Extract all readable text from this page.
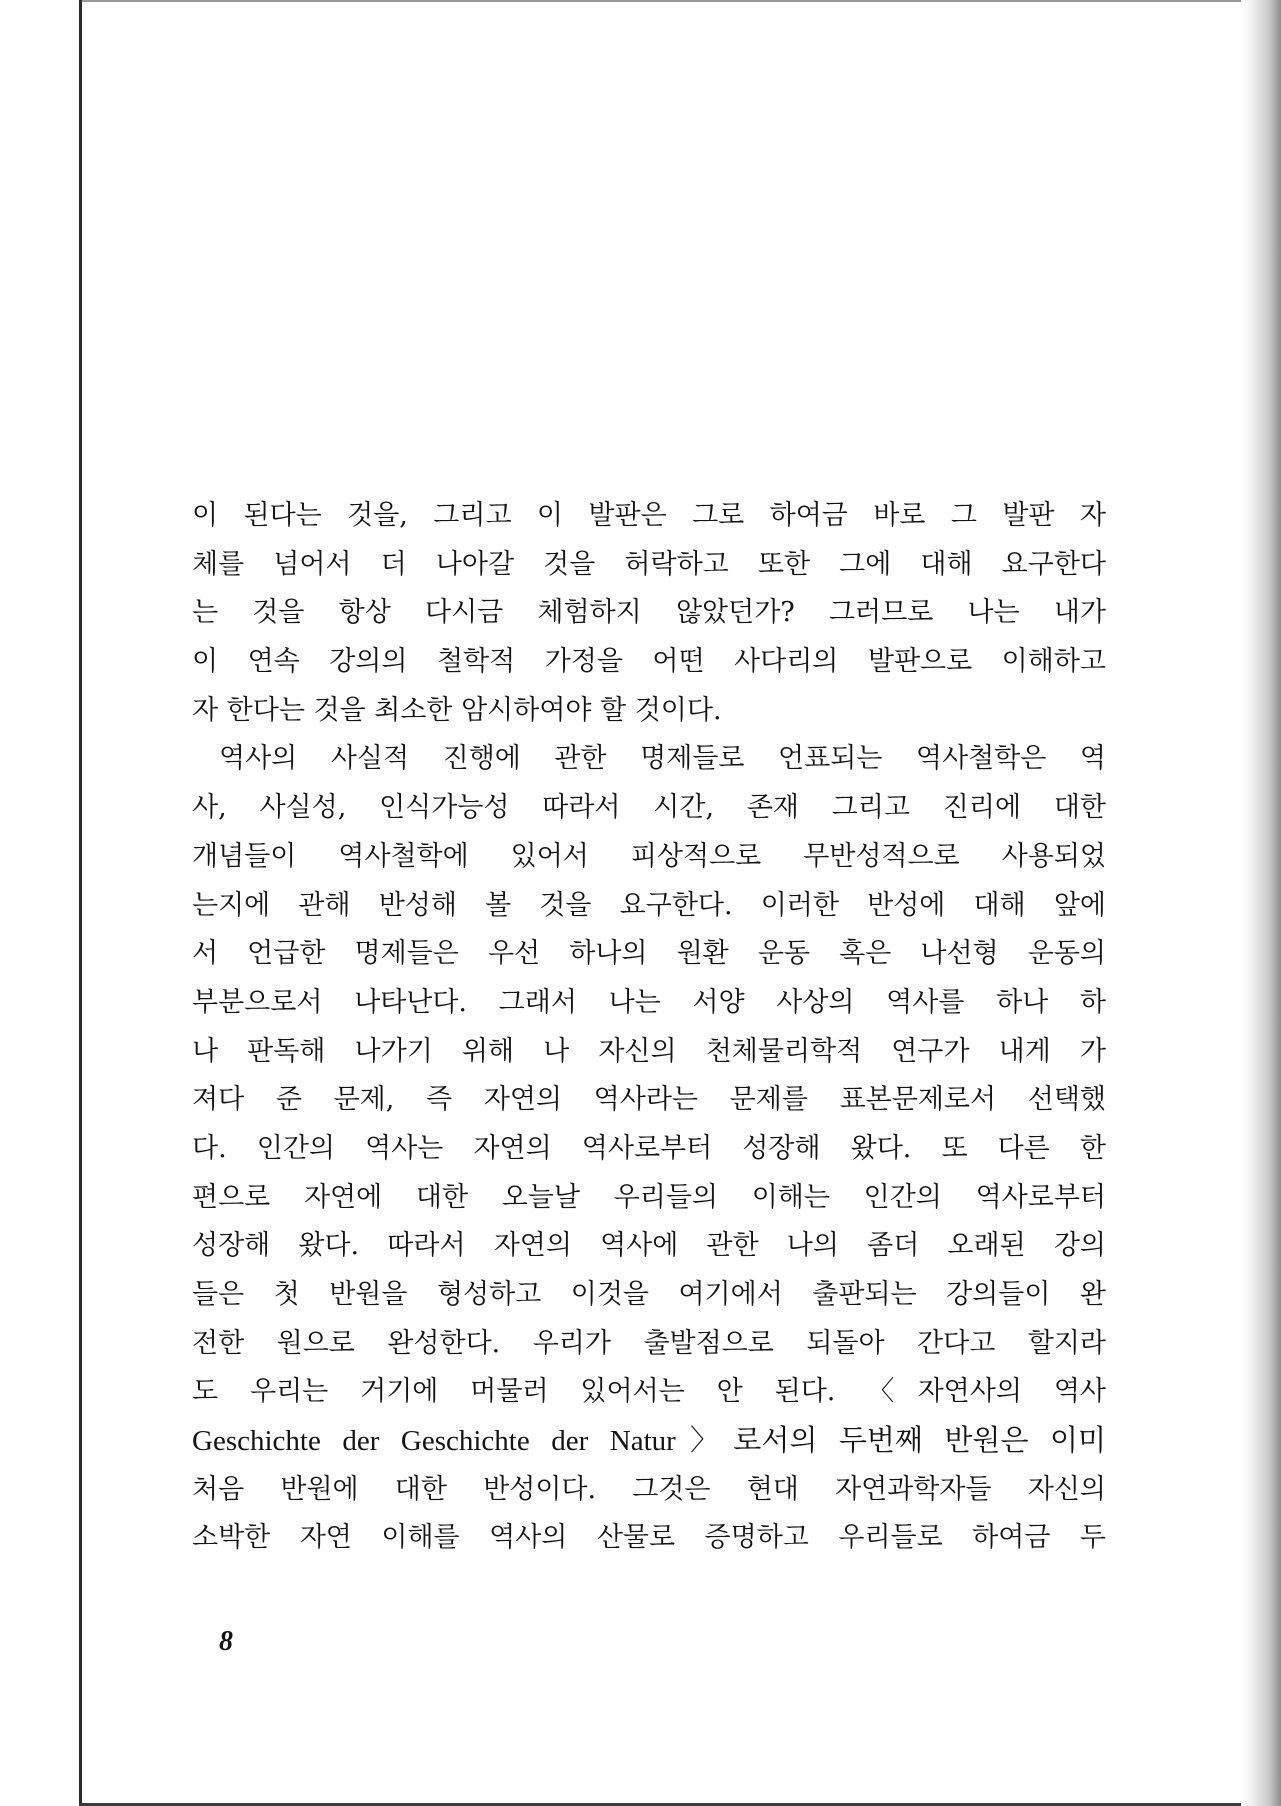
이 된다는 것을, 그리고 이 발판은 그로 하여금 바로 그 발판 자
체를 넘어서 더 나아갈 것을 허락하고 또한 그에 대해 요구한다
는 것을 항상 다시금 체험하지 않았던가? 그러므로 나는 내가
이 연속 강의의 철학적 가정을 어떤 사다리의 발판으로 이해하고
자 한다는 것을 최소한 암시하여야 할 것이다.
역사의 사실적 진행에 관한 명제들로 언표되는 역사철학은 역
사, 사실성, 인식가능성 따라서 시간, 존재 그리고 진리에 대한
개념들이 역사철학에 있어서 피상적으로 무반성적으로 사용되었
는지에 관해 반성해 볼 것을 요구한다. 이러한 반성에 대해 앞에
서 언급한 명제들은 우선 하나의 원환 운동 혹은 나선형 운동의
부분으로서 나타난다. 그래서 나는 서양 사상의 역사를 하나 하
나 판독해 나가기 위해 나 자신의 천체물리학적 연구가 내게 가
져다 준 문제, 즉 자연의 역사라는 문제를 표본문제로서 선택했
다. 인간의 역사는 자연의 역사로부터 성장해 왔다. 또 다른 한
편으로 자연에 대한 오늘날 우리들의 이해는 인간의 역사로부터
성장해 왔다. 따라서 자연의 역사에 관한 나의 좀더 오래된 강의
들은 첫 반원을 형성하고 이것을 여기에서 출판되는 강의들이 완
전한 원으로 완성한다. 우리가 출발점으로 되돌아 간다고 할지라
도 우리는 거기에 머물러 있어서는 안 된다. 〈자연사의 역사
Geschichte der Geschichte der Natur〉로서의 두번째 반원은 이미
처음 반원에 대한 반성이다. 그것은 현대 자연과학자들 자신의
소박한 자연 이해를 역사의 산물로 증명하고 우리들로 하여금 두
8
